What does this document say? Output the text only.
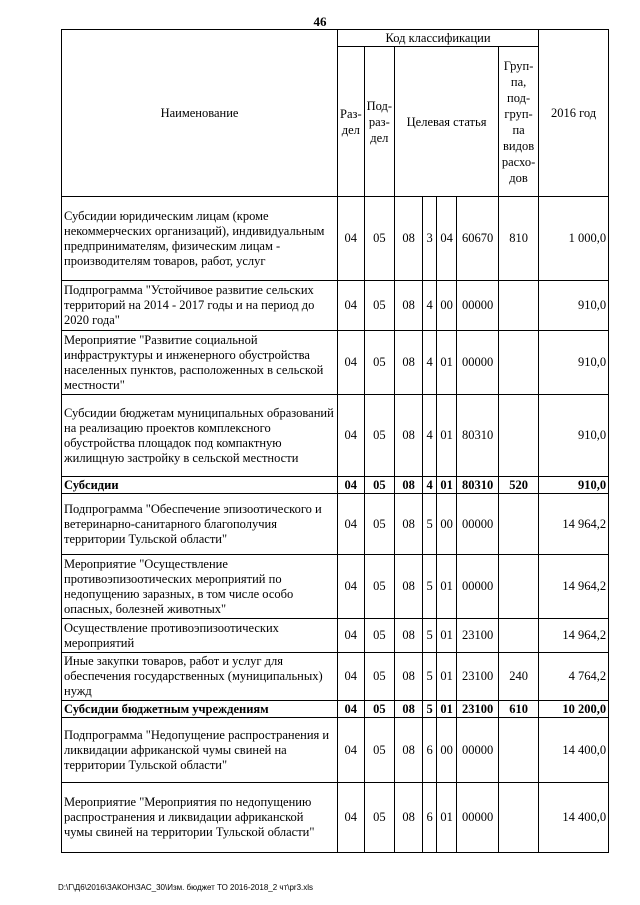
46
Наименование	Код классификации							2016 год
	Раз-дел	Под-раз-дел	Целевая статья				Груп-па, под-груп-па видов расхо-дов	
Субсидии юридическим лицам (кроме некоммерческих организаций), индивидуальным предпринимателям, физическим лицам - производителям товаров, работ, услуг	04	05	08	3	04	60670	810	1 000,0
Подпрограмма "Устойчивое развитие сельских территорий на 2014 - 2017 годы и на период до 2020 года"	04	05	08	4	00	00000		910,0
Мероприятие "Развитие социальной инфраструктуры и инженерного обустройства населенных пунктов, расположенных в сельской местности"	04	05	08	4	01	00000		910,0
Субсидии бюджетам муниципальных образований на реализацию проектов комплексного обустройства площадок под компактную жилищную застройку в сельской местности	04	05	08	4	01	80310		910,0
Субсидии	04	05	08	4	01	80310	520	910,0
Подпрограмма "Обеспечение эпизоотического и ветеринарно-санитарного благополучия территории Тульской области"	04	05	08	5	00	00000		14 964,2
Мероприятие "Осуществление противоэпизоотических мероприятий по недопущению заразных, в том числе особо опасных, болезней животных"	04	05	08	5	01	00000		14 964,2
Осуществление противоэпизоотических мероприятий	04	05	08	5	01	23100		14 964,2
Иные закупки товаров, работ и услуг для обеспечения государственных (муниципальных) нужд	04	05	08	5	01	23100	240	4 764,2
Субсидии бюджетным учреждениям	04	05	08	5	01	23100	610	10 200,0
Подпрограмма "Недопущение распространения и ликвидации африканской чумы свиней на территории Тульской области"	04	05	08	6	00	00000		14 400,0
Мероприятие "Мероприятия по недопущению распространения и ликвидации африканской чумы свиней на территории Тульской области"	04	05	08	6	01	00000		14 400,0
D:\Г\Д6\2016\ЗАКОН\ЗАС_30\Изм. бюджет ТО 2016-2018_2 чт\pr3.xls
